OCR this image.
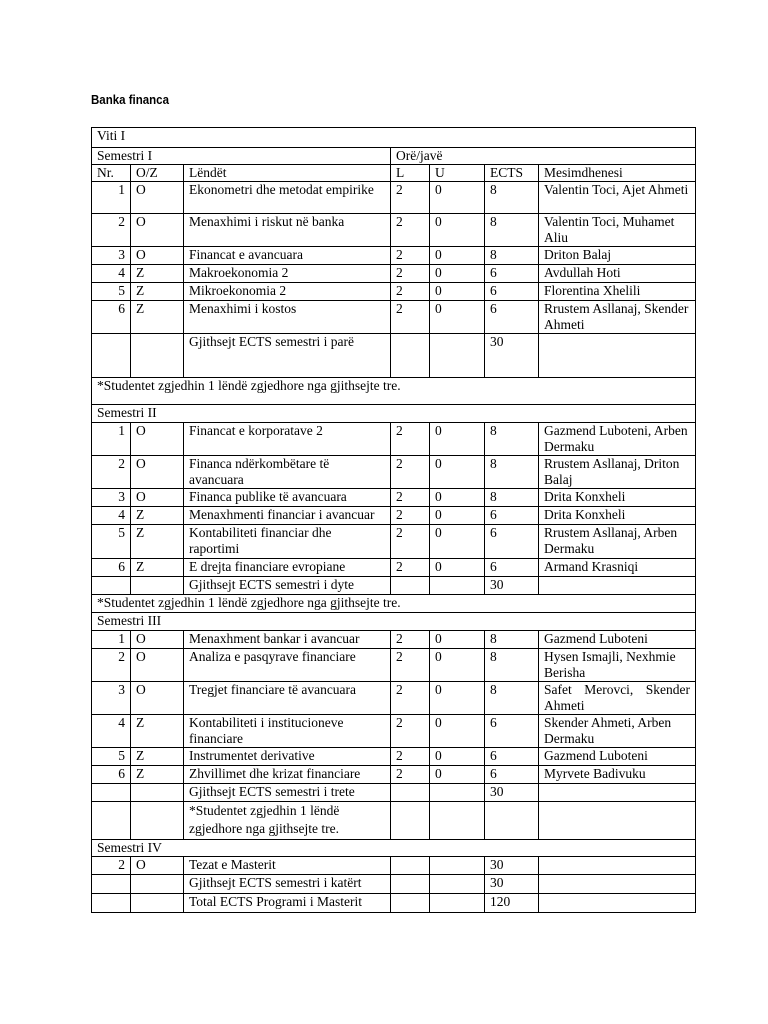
Banka financa
Viti I						
Semestri I			Orë/javë			
Nr.	O/Z	Lëndët	L	U	ECTS	Mesimdhenesi
1	O	Ekonometri dhe metodat empirike	2	0	8	Valentin Toci, Ajet Ahmeti
2	O	Menaxhimi i riskut në banka	2	0	8	Valentin Toci, Muhamet Aliu
3	O	Financat e avancuara	2	0	8	Driton Balaj
4	Z	Makroekonomia 2	2	0	6	Avdullah Hoti
5	Z	Mikroekonomia 2	2	0	6	Florentina Xhelili
6	Z	Menaxhimi i kostos	2	0	6	Rrustem Asllanaj, Skender Ahmeti
		Gjithsejt ECTS semestri i parë			30	
*Studentet zgjedhin 1 lëndë zgjedhore nga gjithsejte tre.						
Semestri II						
1	O	Financat e korporatave 2	2	0	8	Gazmend Luboteni, Arben Dermaku
2	O	Financa ndërkombëtare të avancuara	2	0	8	Rrustem Asllanaj, Driton Balaj
3	O	Financa publike të avancuara	2	0	8	Drita Konxheli
4	Z	Menaxhmenti financiar i avancuar	2	0	6	Drita Konxheli
5	Z	Kontabiliteti financiar dhe raportimi	2	0	6	Rrustem Asllanaj, Arben Dermaku
6	Z	E drejta financiare evropiane	2	0	6	Armand Krasniqi
		Gjithsejt ECTS semestri i dyte			30	
*Studentet zgjedhin 1 lëndë zgjedhore nga gjithsejte tre.						
Semestri III						
1	O	Menaxhment bankar i avancuar	2	0	8	Gazmend Luboteni
2	O	Analiza e pasqyrave financiare	2	0	8	Hysen Ismajli, Nexhmie Berisha
3	O	Tregjet financiare të avancuara	2	0	8	Safet Merovci, Skender Ahmeti
4	Z	Kontabiliteti i institucioneve financiare	2	0	6	Skender Ahmeti, Arben Dermaku
5	Z	Instrumentet derivative	2	0	6	Gazmend Luboteni
6	Z	Zhvillimet dhe krizat financiare	2	0	6	Myrvete Badivuku
		Gjithsejt ECTS semestri i trete			30	
		*Studentet zgjedhin 1 lëndë zgjedhore nga gjithsejte tre.				
Semestri IV						
2	O	Tezat e Masterit			30	
		Gjithsejt ECTS semestri i katërt			30	
		Total ECTS Programi i Masterit			120	
